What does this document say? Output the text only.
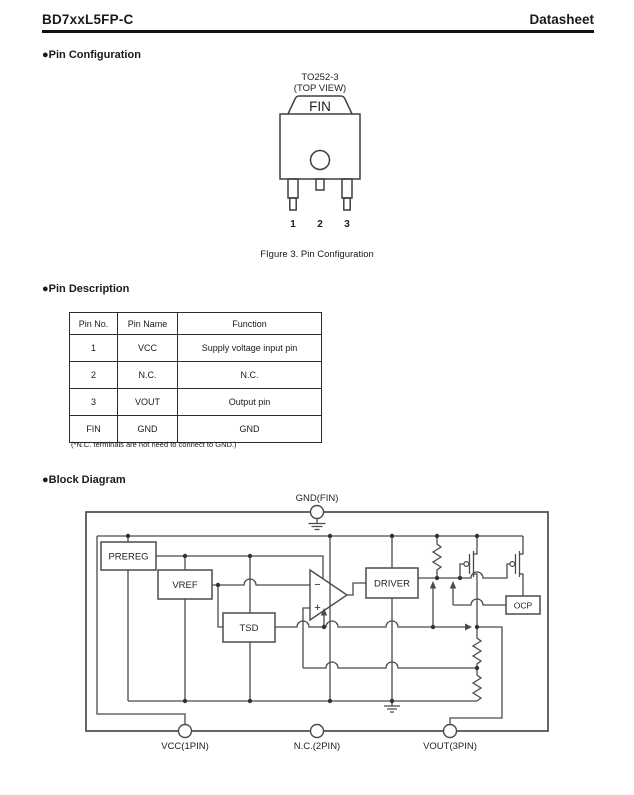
BD7xxL5FP-C	Datasheet
●Pin Configuration
TO252-3
(TOP VIEW)
FIN
1 2 3
FIgure 3. Pin Configuration
●Pin Description
Pin No.	Pin Name	Function
1	VCC	Supply voltage input pin
2	N.C.	N.C.
3	VOUT	Output pin
FIN	GND	GND
(*N.C. terminals are not need to connect to GND.)
●Block Diagram
GND(FIN)
PREREG
VREF
TSD
DRIVER
OCP
−
+
VCC(1PIN)	N.C.(2PIN)	VOUT(3PIN)
